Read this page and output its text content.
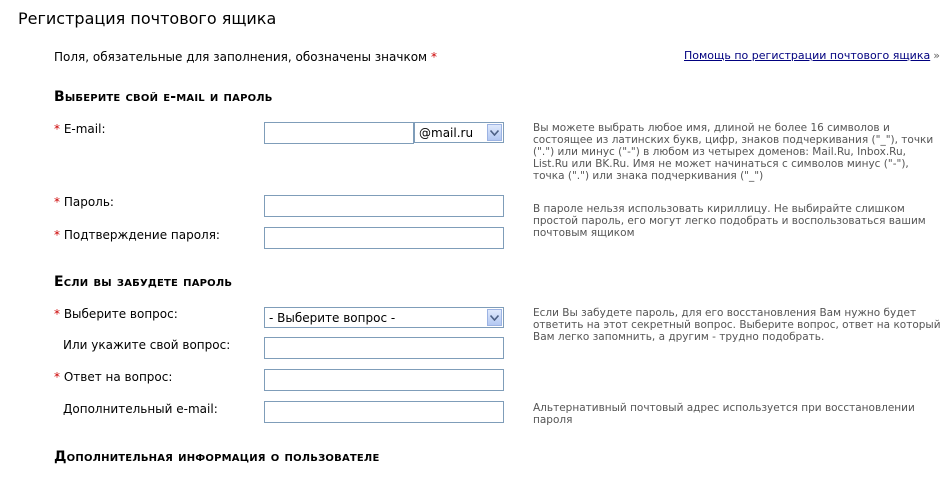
Регистрация почтового ящика
Поля, обязательные для заполнения, обозначены значком *	Помощь по регистрации почтового ящика »
Выберите свой e-mail и пароль
* E-mail:	@mail.ru	Вы можете выбрать любое имя, длиной не более 16 символов и состоящее из латинских букв, цифр, знаков подчеркивания ("_"), точки (".") или минус ("-") в любом из четырех доменов: Mail.Ru, Inbox.Ru, List.Ru или BK.Ru. Имя не может начинаться с символов минус ("-"), точка (".") или знака подчеркивания ("_")
* Пароль:	В пароле нельзя использовать кириллицу. Не выбирайте слишком простой пароль, его могут легко подобрать и воспользоваться вашим почтовым ящиком
* Подтверждение пароля:
Если вы забудете пароль
* Выберите вопрос:	- Выберите вопрос -	Если Вы забудете пароль, для его восстановления Вам нужно будет ответить на этот секретный вопрос. Выберите вопрос, ответ на который Вам легко запомнить, а другим - трудно подобрать.
Или укажите свой вопрос:
* Ответ на вопрос:
Дополнительный e-mail:	Альтернативный почтовый адрес используется при восстановлении пароля
Дополнительная информация о пользователе
